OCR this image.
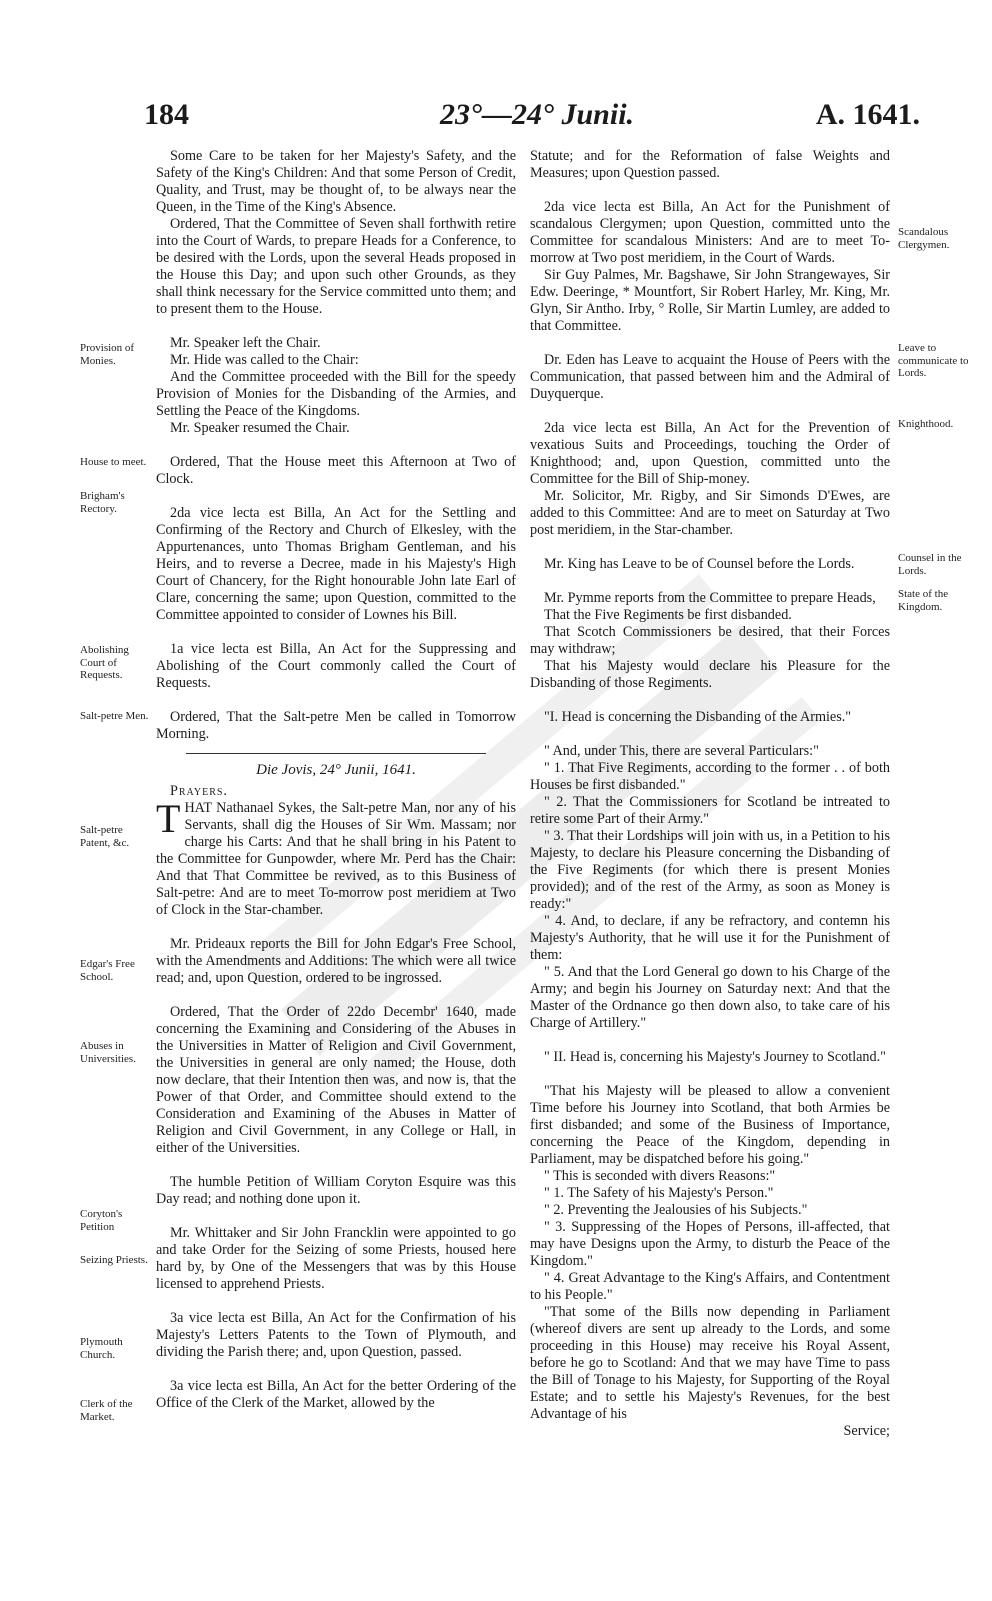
184	23°—24° Junii.	A. 1641.

Some Care to be taken for her Majesty's Safety, and the Safety of the King's Children: And that some Person of Credit, Quality, and Trust, may be thought of, to be always near the Queen, in the Time of the King's Absence.

Ordered, That the Committee of Seven shall forthwith retire into the Court of Wards, to prepare Heads for a Conference, to be desired with the Lords, upon the several Heads proposed in the House this Day; and upon such other Grounds, as they shall think necessary for the Service committed unto them; and to present them to the House.

Mr. Speaker left the Chair.

Mr. Hide was called to the Chair:

And the Committee proceeded with the Bill for the speedy Provision of Monies for the Disbanding of the Armies, and Settling the Peace of the Kingdoms.

Mr. Speaker resumed the Chair.

Ordered, That the House meet this Afternoon at Two of Clock.

2da vice lecta est Billa, An Act for the Settling and Confirming of the Rectory and Church of Elkesley, with the Appurtenances, unto Thomas Brigham Gentleman, and his Heirs, and to reverse a Decree, made in his Majesty's High Court of Chancery, for the Right honourable John late Earl of Clare, concerning the same; upon Question, committed to the Committee appointed to consider of Lownes his Bill.

1a vice lecta est Billa, An Act for the Suppressing and Abolishing of the Court commonly called the Court of Requests.

Ordered, That the Salt-petre Men be called in Tomorrow Morning.

Die Jovis, 24° Junii, 1641.
Prayers.

THAT Nathanael Sykes, the Salt-petre Man, nor any of his Servants, shall dig the Houses of Sir Wm. Massam; nor charge his Carts: And that he shall bring in his Patent to the Committee for Gunpowder, where Mr. Perd has the Chair: And that That Committee be revived, as to this Business of Salt-petre: And are to meet To-morrow post meridiem at Two of Clock in the Star-chamber.

Mr. Prideaux reports the Bill for John Edgar's Free School, with the Amendments and Additions: The which were all twice read; and, upon Question, ordered to be ingrossed.

Ordered, That the Order of 22do Decembr' 1640, made concerning the Examining and Considering of the Abuses in the Universities in Matter of Religion and Civil Government, the Universities in general are only named; the House, doth now declare, that their Intention then was, and now is, that the Power of that Order, and Committee should extend to the Consideration and Examining of the Abuses in Matter of Religion and Civil Government, in any College or Hall, in either of the Universities.

The humble Petition of William Coryton Esquire was this Day read; and nothing done upon it.

Mr. Whittaker and Sir John Francklin were appointed to go and take Order for the Seizing of some Priests, housed here hard by, by One of the Messengers that was by this House licensed to apprehend Priests.

3a vice lecta est Billa, An Act for the Confirmation of his Majesty's Letters Patents to the Town of Plymouth, and dividing the Parish there; and, upon Question, passed.

3a vice lecta est Billa, An Act for the better Ordering of the Office of the Clerk of the Market, allowed by the

Statute; and for the Reformation of false Weights and Measures; upon Question passed.

2da vice lecta est Billa, An Act for the Punishment of scandalous Clergymen; upon Question, committed unto the Committee for scandalous Ministers: And are to meet To-morrow at Two post meridiem, in the Court of Wards.

Sir Guy Palmes, Mr. Bagshawe, Sir John Strangewayes, Sir Edw. Deeringe, * Mountfort, Sir Robert Harley, Mr. King, Mr. Glyn, Sir Antho. Irby, ° Rolle, Sir Martin Lumley, are added to that Committee.

Dr. Eden has Leave to acquaint the House of Peers with the Communication, that passed between him and the Admiral of Duyquerque.

2da vice lecta est Billa, An Act for the Prevention of vexatious Suits and Proceedings, touching the Order of Knighthood; and, upon Question, committed unto the Committee for the Bill of Ship-money.

Mr. Solicitor, Mr. Rigby, and Sir Simonds D'Ewes, are added to this Committee: And are to meet on Saturday at Two post meridiem, in the Star-chamber.

Mr. King has Leave to be of Counsel before the Lords.

Mr. Pymme reports from the Committee to prepare Heads,

That the Five Regiments be first disbanded.

That Scotch Commissioners be desired, that their Forces may withdraw;

That his Majesty would declare his Pleasure for the Disbanding of those Regiments.

"I. Head is concerning the Disbanding of the Armies."

" And, under This, there are several Particulars:"

" 1. That Five Regiments, according to the former . . of both Houses be first disbanded."

" 2. That the Commissioners for Scotland be intreated to retire some Part of their Army."

" 3. That their Lordships will join with us, in a Petition to his Majesty, to declare his Pleasure concerning the Disbanding of the Five Regiments (for which there is present Monies provided); and of the rest of the Army, as soon as Money is ready:"

" 4. And, to declare, if any be refractory, and contemn his Majesty's Authority, that he will use it for the Punishment of them:

" 5. And that the Lord General go down to his Charge of the Army; and begin his Journey on Saturday next: And that the Master of the Ordnance go then down also, to take care of his Charge of Artillery."

" II. Head is, concerning his Majesty's Journey to Scotland."

"That his Majesty will be pleased to allow a convenient Time before his Journey into Scotland, that both Armies be first disbanded; and some of the Business of Importance, concerning the Peace of the Kingdom, depending in Parliament, may be dispatched before his going."

" This is seconded with divers Reasons:"

" 1. The Safety of his Majesty's Person."

" 2. Preventing the Jealousies of his Subjects."

" 3. Suppressing of the Hopes of Persons, ill-affected, that may have Designs upon the Army, to disturb the Peace of the Kingdom."

" 4. Great Advantage to the King's Affairs, and Contentment to his People."

"That some of the Bills now depending in Parliament (whereof divers are sent up already to the Lords, and some proceeding in this House) may receive his Royal Assent, before he go to Scotland: And that we may have Time to pass the Bill of Tonage to his Majesty, for Supporting of the Royal Estate; and to settle his Majesty's Revenues, for the best Advantage of his

Service;
Provision of Monies.
House to meet.
Brigham's Rectory.
Abolishing Court of Requests.
Salt-petre Men.
Salt-petre Patent, &c.
Edgar's Free School.
Abuses in Universities.
Coryton's Petition
Seizing Priests.
Plymouth Church.
Clerk of the Market.
Scandalous Clergymen.
Leave to communicate to Lords.
Knighthood.
Counsel in the Lords.
State of the Kingdom.
